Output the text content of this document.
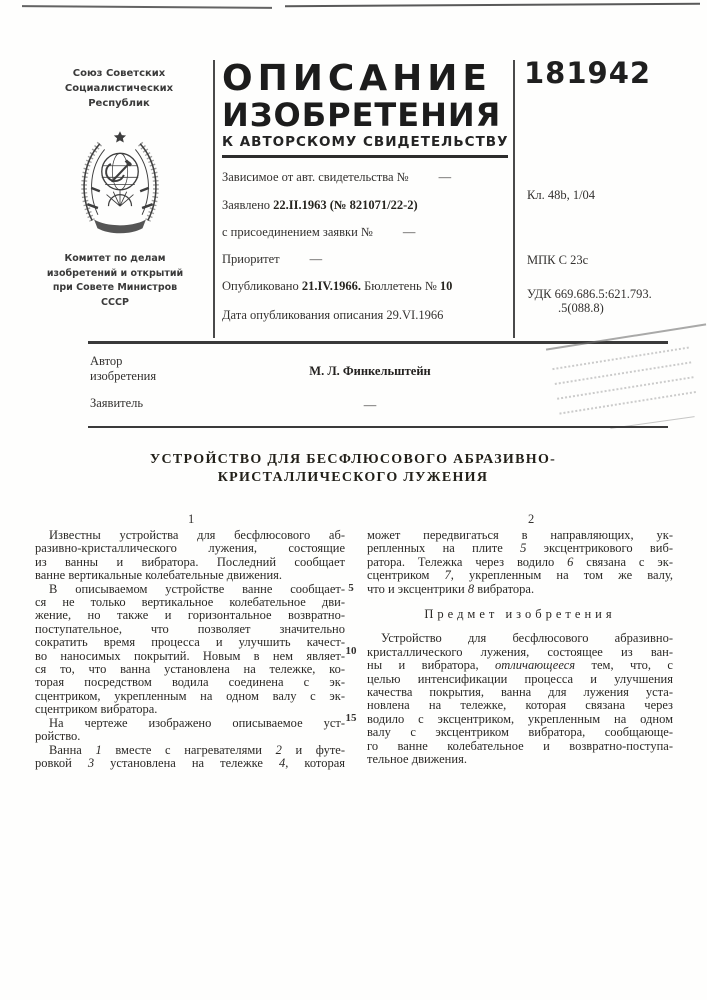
Союз Советских
Социалистических
Республик
Комитет по делам
изобретений и открытий
при Совете Министров
СССР
ОПИСАНИЕ
ИЗОБРЕТЕНИЯ
К АВТОРСКОМУ СВИДЕТЕЛЬСТВУ
Зависимое от авт. свидетельства № —
Заявлено 22.II.1963 (№ 821071/22-2)
с присоединением заявки № —
Приоритет —
Опубликовано 21.IV.1966. Бюллетень № 10
Дата опубликования описания 29.VI.1966
181942
Кл. 48b, 1/04
МПК С 23c
УДК 669.686.5:621.793.
.5(088.8)
Автор
изобретения	М. Л. Финкельштейн
Заявитель	—
УСТРОЙСТВО ДЛЯ БЕСФЛЮСОВОГО АБРАЗИВНО-
КРИСТАЛЛИЧЕСКОГО ЛУЖЕНИЯ
1	2
Известны устройства для бесфлюсового аб-
разивно-кристаллического лужения, состоящие
из ванны и вибратора. Последний сообщает
ванне вертикальные колебательные движения.
В описываемом устройстве ванне сообщает-
ся не только вертикальное колебательное дви-
жение, но также и горизонтальное возвратно-
поступательное, что позволяет значительно
сократить время процесса и улучшить качест-
во наносимых покрытий. Новым в нем являет-
ся то, что ванна установлена на тележке, ко-
торая посредством водила соединена с эк-
сцентриком, укрепленным на одном валу с эк-
сцентриком вибратора.
На чертеже изображено описываемое уст-
ройство.
Ванна 1 вместе с нагревателями 2 и футе-
ровкой 3 установлена на тележке 4, которая
может передвигаться в направляющих, ук-
репленных на плите 5 эксцентрикового виб-
ратора. Тележка через водило 6 связана с эк-
сцентриком 7, укрепленным на том же валу,
что и эксцентрики 8 вибратора.
Предмет изобретения
Устройство для бесфлюсового абразивно-
кристаллического лужения, состоящее из ван-
ны и вибратора, отличающееся тем, что, с
целью интенсификации процесса и улучшения
качества покрытия, ванна для лужения уста-
новлена на тележке, которая связана через
водило с эксцентриком, укрепленным на одном
валу с эксцентриком вибратора, сообщающе-
го ванне колебательное и возвратно-поступа-
тельное движения.
5
10
15
